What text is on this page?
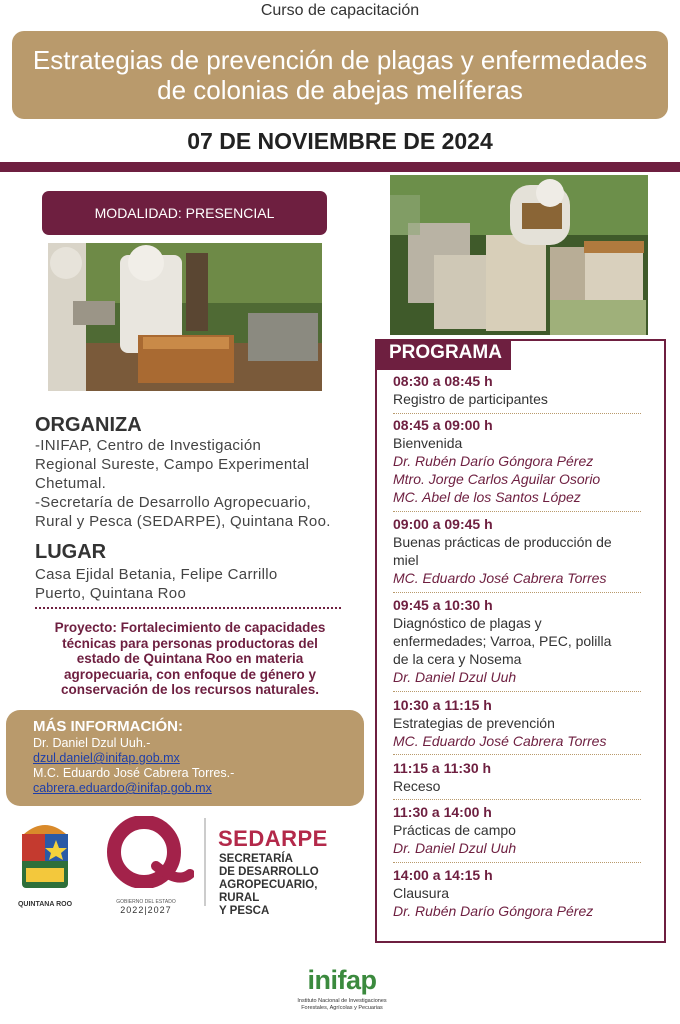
Curso de capacitación
Estrategias de prevención de plagas y enfermedades
de colonias de abejas melíferas
07 DE NOVIEMBRE DE 2024
MODALIDAD: PRESENCIAL
ORGANIZA
-INIFAP, Centro de Investigación
Regional Sureste, Campo Experimental
Chetumal.
-Secretaría de Desarrollo Agropecuario,
Rural y Pesca (SEDARPE), Quintana Roo.
LUGAR
Casa Ejidal Betania, Felipe Carrillo
Puerto, Quintana Roo
Proyecto: Fortalecimiento de capacidades
técnicas para personas productoras del
estado de Quintana Roo en materia
agropecuaria, con enfoque de género y
conservación de los recursos naturales.
MÁS INFORMACIÓN:
Dr. Daniel Dzul Uuh.-
dzul.daniel@inifap.gob.mx
M.C. Eduardo José Cabrera Torres.-
cabrera.eduardo@inifap.gob.mx
QUINTANA ROO	GOBIERNO DEL ESTADO
2022|2027
SEDARPE
SECRETARÍA
DE DESARROLLO
AGROPECUARIO, RURAL
Y PESCA
PROGRAMA
08:30 a 08:45 h
Registro de participantes
08:45 a 09:00 h
Bienvenida
Dr. Rubén Darío Góngora Pérez
Mtro. Jorge Carlos Aguilar Osorio
MC. Abel de los Santos López
09:00 a 09:45 h
Buenas prácticas de producción de
miel
MC. Eduardo José Cabrera Torres
09:45 a 10:30 h
Diagnóstico de plagas y
enfermedades; Varroa, PEC, polilla
de la cera y Nosema
Dr. Daniel Dzul Uuh
10:30 a 11:15 h
Estrategias de prevención
MC. Eduardo José Cabrera Torres
11:15 a 11:30 h
Receso
11:30 a 14:00 h
Prácticas de campo
Dr. Daniel Dzul Uuh
14:00 a 14:15 h
Clausura
Dr. Rubén Darío Góngora Pérez
inifap
Instituto Nacional de Investigaciones
Forestales, Agrícolas y Pecuarias
